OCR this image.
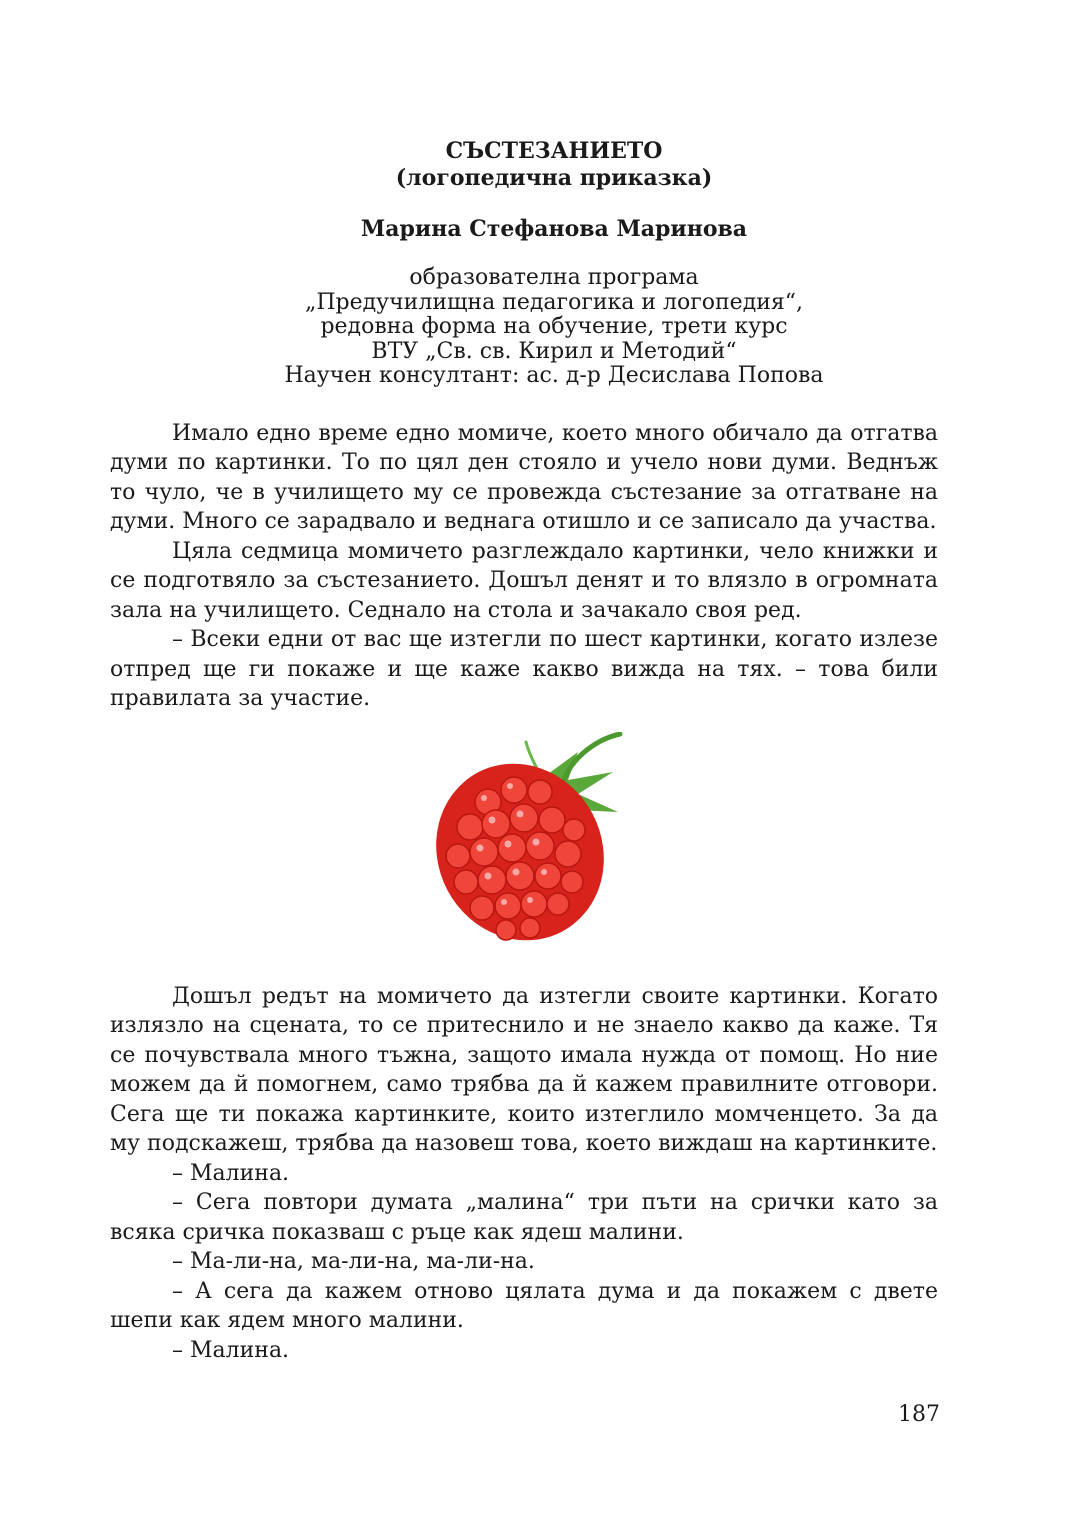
СЪСТЕЗАНИЕТО
(логопедична приказка)
Марина Стефанова Маринова
образователна програма
„Предучилищна педагогика и логопедия“,
редовна форма на обучение, трети курс
ВТУ „Св. св. Кирил и Методий“
Научен консултант: ас. д-р Десислава Попова

Имало едно време едно момиче, което много обичало да отгатва думи по картинки. То по цял ден стояло и учело нови думи. Веднъж то чуло, че в училището му се провежда състезание за отгатване на думи. Много се зарадвало и веднага отишло и се записало да участва.

Цяла седмица момичето разглеждало картинки, чело книжки и се подготвяло за състезанието. Дошъл денят и то влязло в огромната зала на училището. Седнало на стола и зачакало своя ред.

– Всеки едни от вас ще изтегли по шест картинки, когато излезе отпред ще ги покаже и ще каже какво вижда на тях. – това били правилата за участие.

Дошъл редът на момичето да изтегли своите картинки. Когато излязло на сцената, то се притеснило и не знаело какво да каже. Тя се почувствала много тъжна, защото имала нужда от помощ. Но ние можем да й помогнем, само трябва да й кажем правилните отговори. Сега ще ти покажа картинките, които изтеглило момченцето. За да му подскажеш, трябва да назовеш това, което виждаш на картинките.

– Малина.

– Сега повтори думата „малина“ три пъти на срички като за всяка сричка показваш с ръце как ядеш малини.

– Ма-ли-на, ма-ли-на, ма-ли-на.

– А сега да кажем отново цялата дума и да покажем с двете шепи как ядем много малини.

– Малина.

187
